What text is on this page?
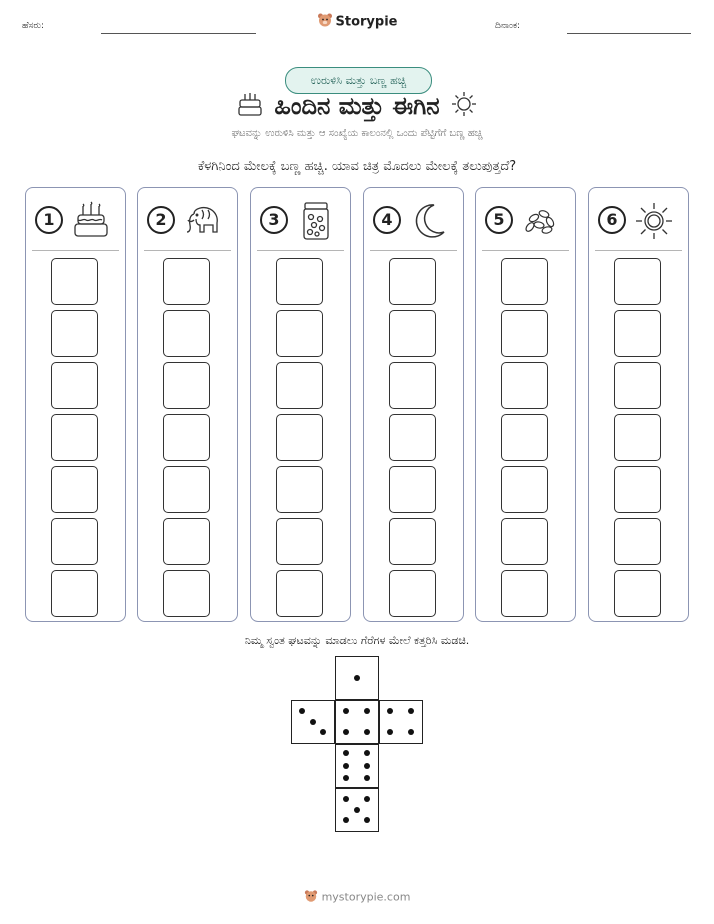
ಹೆಸರು:	Storypie	ದಿನಾಂಕ:
ಉರುಳಿಸಿ ಮತ್ತು ಬಣ್ಣ ಹಚ್ಚಿ
ಹಿಂದಿನ ಮತ್ತು ಈಗಿನ
ಘಟವನ್ನು ಉರುಳಿಸಿ ಮತ್ತು ಆ ಸಂಖ್ಯೆಯ ಕಾಲಂನಲ್ಲಿ ಒಂದು ಪೆಟ್ಟಿಗೆಗೆ ಬಣ್ಣ ಹಚ್ಚಿ
ಕೆಳಗಿನಿಂದ ಮೇಲಕ್ಕೆ ಬಣ್ಣ ಹಚ್ಚಿ. ಯಾವ ಚಿತ್ರ ಮೊದಲು ಮೇಲಕ್ಕೆ ತಲುಪುತ್ತದೆ?
1	2	3	4	5	6
ನಿಮ್ಮ ಸ್ವಂತ ಘಟವನ್ನು ಮಾಡಲು ಗೆರೆಗಳ ಮೇಲೆ ಕತ್ತರಿಸಿ ಮಡಚಿ.
mystorypie.com
